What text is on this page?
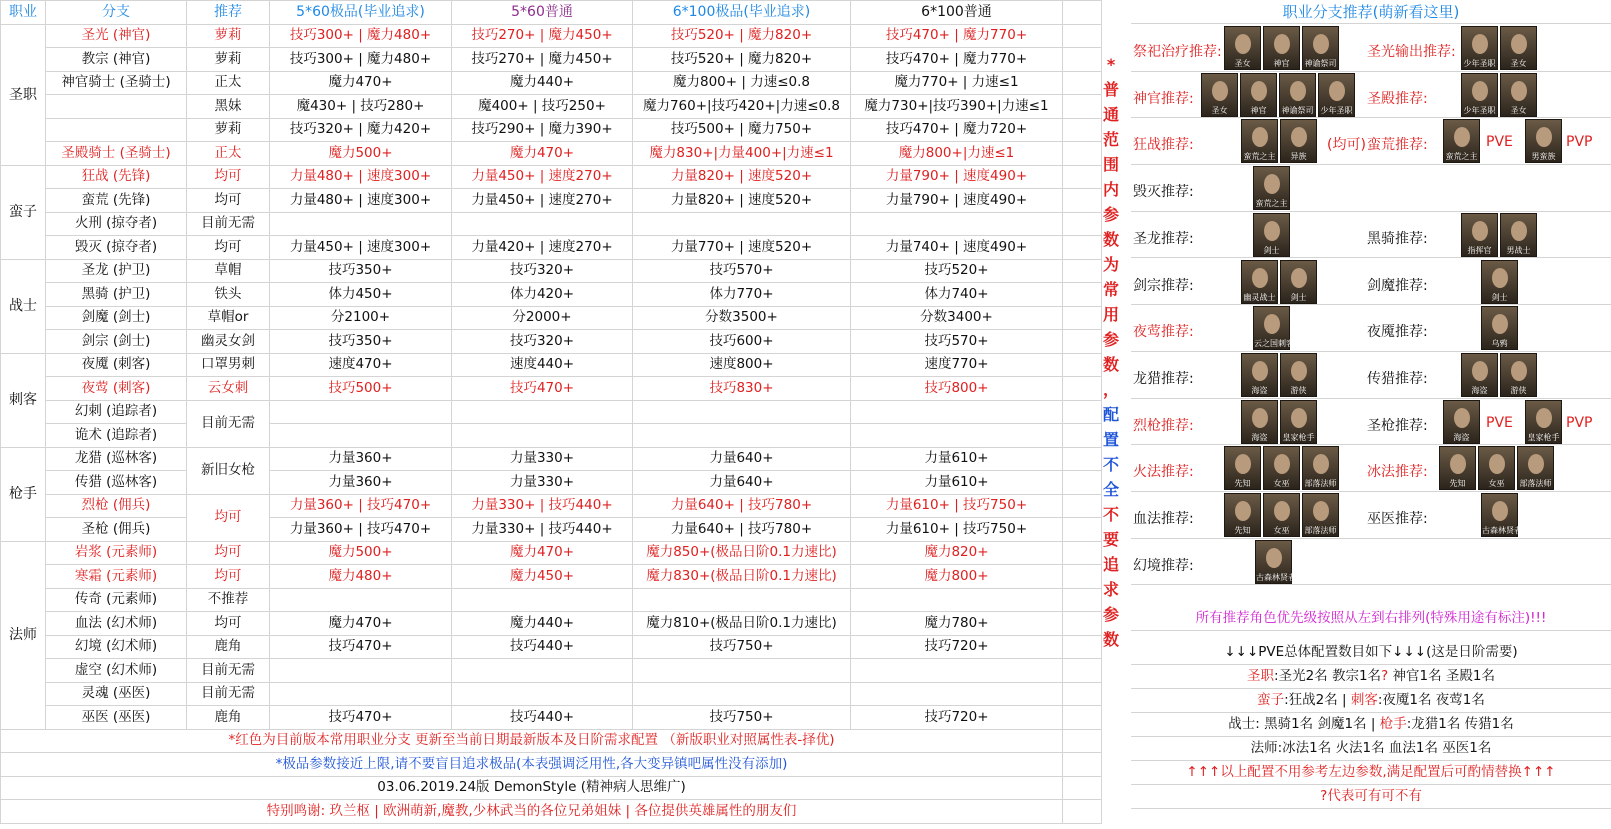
职业	分支	推荐	5*60极品(毕业追求)	5*60普通	6*100极品(毕业追求)	6*100普通	
圣职	圣光 (神官)	萝莉	技巧300+ | 魔力480+	技巧270+ | 魔力450+	技巧520+ | 魔力820+	技巧470+ | 魔力770+	
	教宗 (神官)	萝莉	技巧300+ | 魔力480+	技巧270+ | 魔力450+	技巧520+ | 魔力820+	技巧470+ | 魔力770+	
	神官骑士 (圣骑士)	正太	魔力470+	魔力440+	魔力800+ | 力速≤0.8	魔力770+ | 力速≤1	
		黑妹	魔430+ | 技巧280+	魔400+ | 技巧250+	魔力760+|技巧420+|力速≤0.8	魔力730+|技巧390+|力速≤1	
		萝莉	技巧320+ | 魔力420+	技巧290+ | 魔力390+	技巧500+ | 魔力750+	技巧470+ | 魔力720+	
	圣殿骑士 (圣骑士)	正太	魔力500+	魔力470+	魔力830+|力量400+|力速≤1	魔力800+|力速≤1	
蛮子	狂战 (先锋)	均可	力量480+ | 速度300+	力量450+ | 速度270+	力量820+ | 速度520+	力量790+ | 速度490+	
	蛮荒 (先锋)	均可	力量480+ | 速度300+	力量450+ | 速度270+	力量820+ | 速度520+	力量790+ | 速度490+	
	火刑 (掠夺者)	目前无需					
	毁灭 (掠夺者)	均可	力量450+ | 速度300+	力量420+ | 速度270+	力量770+ | 速度520+	力量740+ | 速度490+	
战士	圣龙 (护卫)	草帽	技巧350+	技巧320+	技巧570+	技巧520+	
	黑骑 (护卫)	铁头	体力450+	体力420+	体力770+	体力740+	
	剑魔 (剑士)	草帽or	分2100+	分2000+	分数3500+	分数3400+	
	剑宗 (剑士)	幽灵女剑	技巧350+	技巧320+	技巧600+	技巧570+	
刺客	夜魇 (刺客)	口罩男刺	速度470+	速度440+	速度800+	速度770+	
	夜莺 (刺客)	云女刺	技巧500+	技巧470+	技巧830+	技巧800+	
	幻刺 (追踪者)	目前无需					
	诡术 (追踪者)						
枪手	龙猎 (巡林客)	新旧女枪	力量360+	力量330+	力量640+	力量610+	
	传猎 (巡林客)		力量360+	力量330+	力量640+	力量610+	
	烈枪 (佣兵)	均可	力量360+ | 技巧470+	力量330+ | 技巧440+	力量640+ | 技巧780+	力量610+ | 技巧750+	
	圣枪 (佣兵)		力量360+ | 技巧470+	力量330+ | 技巧440+	力量640+ | 技巧780+	力量610+ | 技巧750+	
法师	岩浆 (元素师)	均可	魔力500+	魔力470+	魔力850+(极品日阶0.1力速比)	魔力820+	
	寒霜 (元素师)	均可	魔力480+	魔力450+	魔力830+(极品日阶0.1力速比)	魔力800+	
	传奇 (元素师)	不推荐					
	血法 (幻术师)	均可	魔力470+	魔力440+	魔力810+(极品日阶0.1力速比)	魔力780+	
	幻境 (幻术师)	鹿角	技巧470+	技巧440+	技巧750+	技巧720+	
	虚空 (幻术师)	目前无需					
	灵魂 (巫医)	目前无需					
	巫医 (巫医)	鹿角	技巧470+	技巧440+	技巧750+	技巧720+	
*红色为目前版本常用职业分支 更新至当前日期最新版本及日阶需求配置 （新版职业对照属性表-择优)							
*极品参数接近上限,请不要盲目追求极品(本表强调泛用性,各大变异镇吧属性没有添加)							
03.06.2019.24版 DemonStyle (精神病人思维广)							
特别鸣谢: 玖兰枢 | 欧洲萌新,魔教,少林武当的各位兄弟姐妹 | 各位提供英雄属性的朋友们							
*
普
通
范
围
内
参
数
为
常
用
参
数
，
配
置
不
全
不
要
追
求
参
数
职业分支推荐(萌新看这里)
祭祀治疗推荐:
圣女	神官	神谕祭司
圣光输出推荐:
少年圣职	圣女
神官推荐:
圣女	神官	神谕祭司 少年圣职
圣殿推荐:
少年圣职	圣女
狂战推荐:
蛮荒之主	异族
(均可) 蛮荒推荐:
蛮荒之主
PVE
男蛮族
PVP
毁灭推荐:
蛮荒之主
圣龙推荐:
剑士
黑骑推荐:
指挥官	男战士
剑宗推荐:
幽灵战士	剑士
剑魔推荐:
剑士
夜莺推荐:
云之国刺客
夜魇推荐:
乌鸦
龙猎推荐:
海盗	游侠
传猎推荐:
海盗	游侠
烈枪推荐:
海盗	皇家枪手
圣枪推荐:
海盗
PVE
皇家枪手
PVP
火法推荐:
先知	女巫	部落法师
冰法推荐:
先知	女巫	部落法师
血法推荐:
先知	女巫	部落法师
巫医推荐:
古森林贤者
幻境推荐:
古森林贤者
所有推荐角色优先级按照从左到右排列(特殊用途有标注)!!!
↓↓↓PVE总体配置数目如下↓↓↓(这是日阶需要)
圣职:圣光2名 教宗1名? 神官1名 圣殿1名
蛮子:狂战2名 | 刺客:夜魇1名 夜莺1名
战士: 黑骑1名 剑魔1名 | 枪手:龙猎1名 传猎1名
法师:冰法1名 火法1名 血法1名 巫医1名
↑↑↑以上配置不用参考左边参数,满足配置后可酌情替换↑↑↑
?代表可有可不有
